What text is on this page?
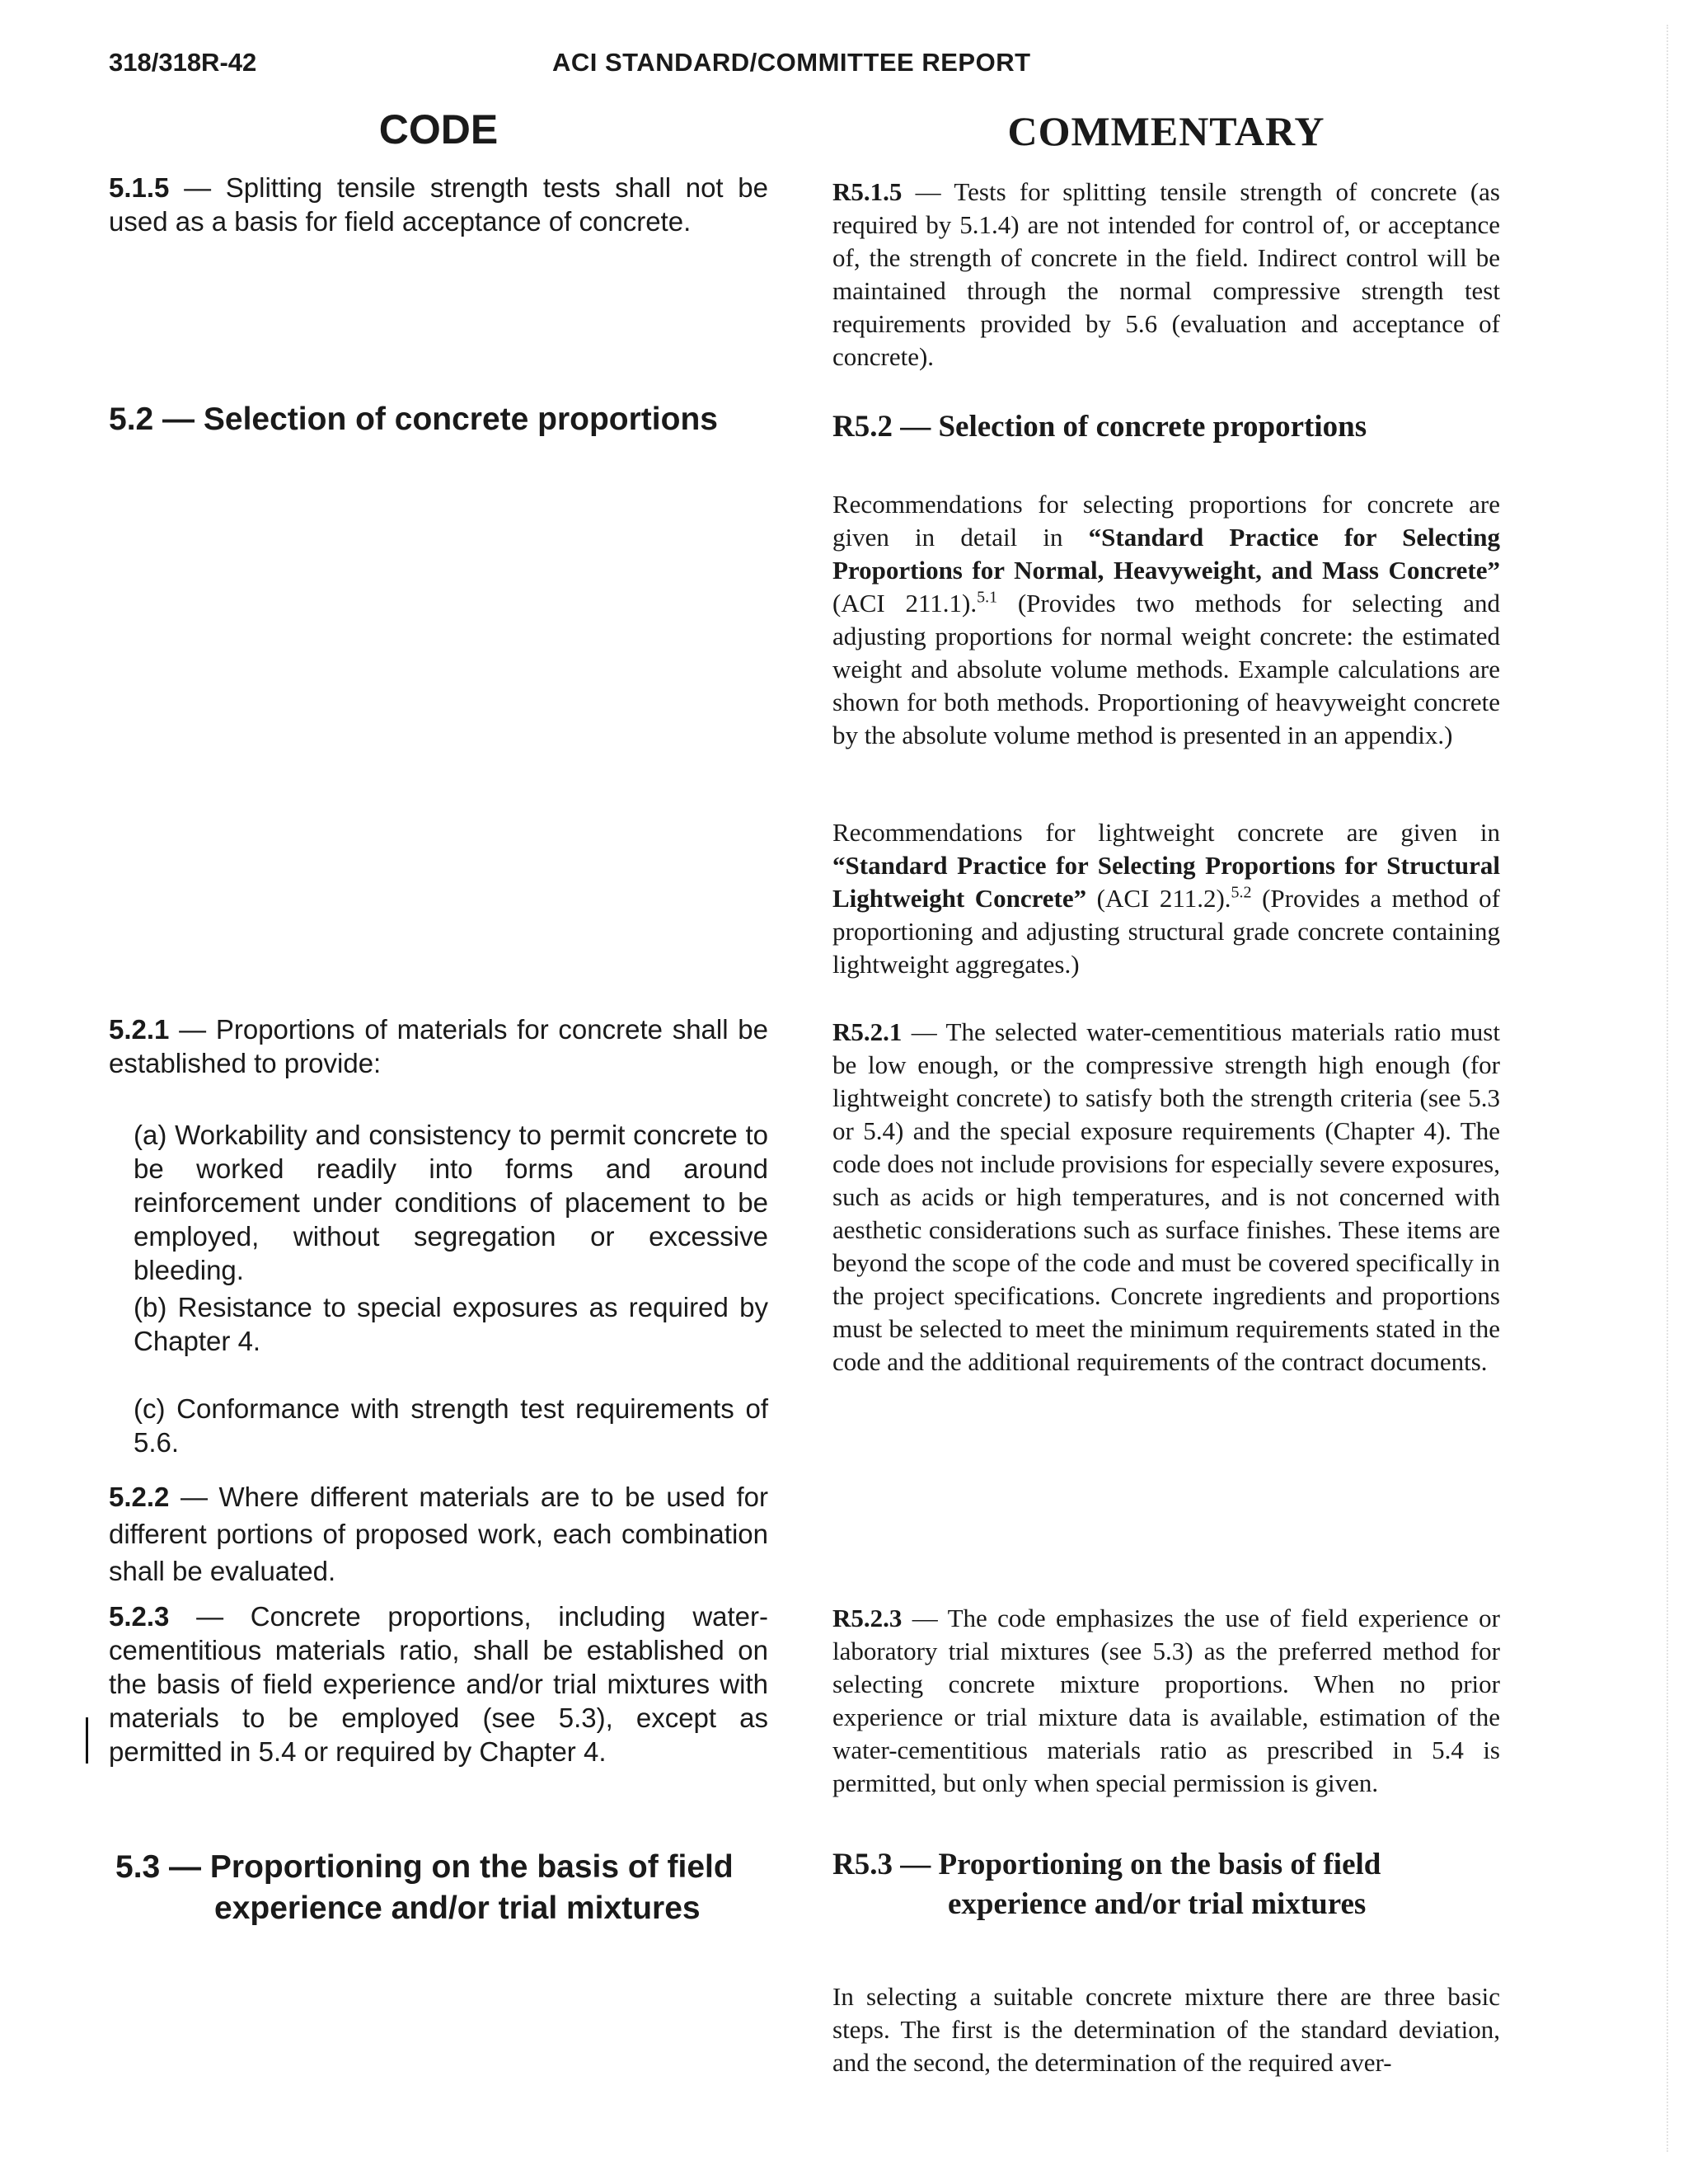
318/318R-42	ACI STANDARD/COMMITTEE REPORT
CODE	COMMENTARY

5.1.5 — Splitting tensile strength tests shall not be used as a basis for field acceptance of concrete.

5.2 — Selection of concrete proportions

5.2.1 — Proportions of materials for concrete shall be established to provide:

(a) Workability and consistency to permit concrete to be worked readily into forms and around reinforcement under conditions of placement to be employed, without segregation or excessive bleeding.

(b) Resistance to special exposures as required by Chapter 4.

(c) Conformance with strength test requirements of 5.6.

5.2.2 — Where different materials are to be used for different portions of proposed work, each combination shall be evaluated.

5.2.3 — Concrete proportions, including water-cementitious materials ratio, shall be established on the basis of field experience and/or trial mixtures with materials to be employed (see 5.3), except as permitted in 5.4 or required by Chapter 4.

5.3 — Proportioning on the basis of field
experience and/or trial mixtures

R5.1.5 — Tests for splitting tensile strength of concrete (as required by 5.1.4) are not intended for control of, or acceptance of, the strength of concrete in the field. Indirect control will be maintained through the normal compressive strength test requirements provided by 5.6 (evaluation and acceptance of concrete).

R5.2 — Selection of concrete proportions

Recommendations for selecting proportions for concrete are given in detail in “Standard Practice for Selecting Proportions for Normal, Heavyweight, and Mass Concrete” (ACI 211.1).$^{5.1}$ (Provides two methods for selecting and adjusting proportions for normal weight concrete: the estimated weight and absolute volume methods. Example calculations are shown for both methods. Proportioning of heavyweight concrete by the absolute volume method is presented in an appendix.)

Recommendations for lightweight concrete are given in “Standard Practice for Selecting Proportions for Structural Lightweight Concrete” (ACI 211.2).$^{5.2}$ (Provides a method of proportioning and adjusting structural grade concrete containing lightweight aggregates.)

R5.2.1 — The selected water-cementitious materials ratio must be low enough, or the compressive strength high enough (for lightweight concrete) to satisfy both the strength criteria (see 5.3 or 5.4) and the special exposure requirements (Chapter 4). The code does not include provisions for especially severe exposures, such as acids or high temperatures, and is not concerned with aesthetic considerations such as surface finishes. These items are beyond the scope of the code and must be covered specifically in the project specifications. Concrete ingredients and proportions must be selected to meet the minimum requirements stated in the code and the additional requirements of the contract documents.

R5.2.3 — The code emphasizes the use of field experience or laboratory trial mixtures (see 5.3) as the preferred method for selecting concrete mixture proportions. When no prior experience or trial mixture data is available, estimation of the water-cementitious materials ratio as prescribed in 5.4 is permitted, but only when special permission is given.

R5.3 — Proportioning on the basis of field
experience and/or trial mixtures

In selecting a suitable concrete mixture there are three basic steps. The first is the determination of the standard deviation, and the second, the determination of the required aver-
